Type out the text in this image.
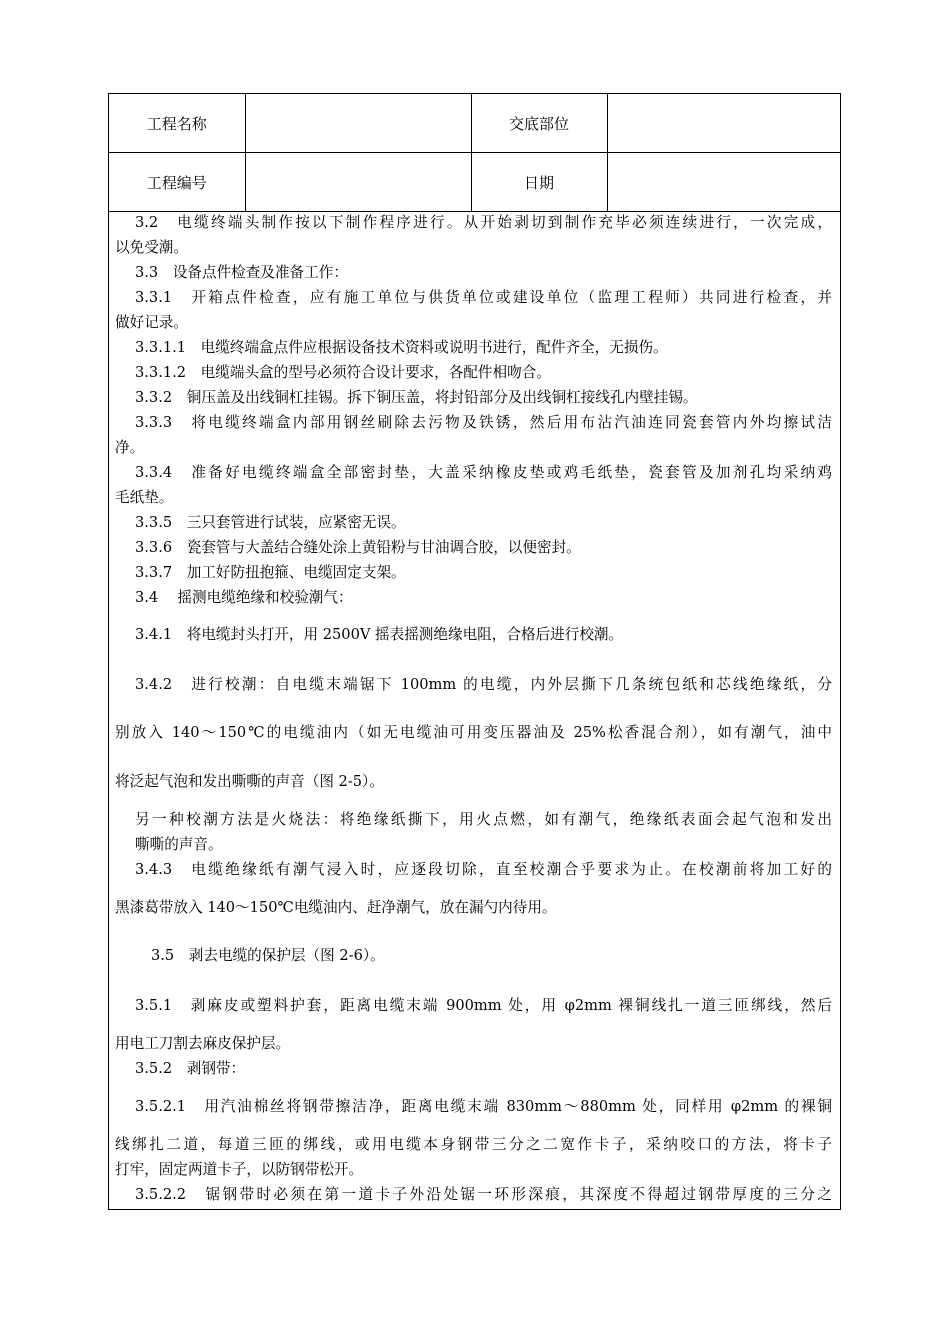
工程名称		交底部位	
工程编号		日期	
3.2　电缆终端头制作按以下制作程序进行。从开始剥切到制作充毕必须连续进行，一次完成，
以免受潮。
3.3　设备点件检查及准备工作：
3.3.1　开箱点件检查，应有施工单位与供货单位或建设单位（监理工程师）共同进行检查，并
做好记录。
3.3.1.1　电缆终端盒点件应根据设备技术资料或说明书进行，配件齐全，无损伤。
3.3.1.2　电缆端头盒的型号必须符合设计要求，各配件相吻合。
3.3.2　铜压盖及出线铜杠挂锡。拆下铜压盖，将封铅部分及出线铜杠接线孔内壁挂锡。
3.3.3　将电缆终端盒内部用钢丝刷除去污物及铁锈，然后用布沾汽油连同瓷套管内外均擦试洁
净。
3.3.4　准备好电缆终端盒全部密封垫，大盖采纳橡皮垫或鸡毛纸垫，瓷套管及加剂孔均采纳鸡
毛纸垫。
3.3.5　三只套管进行试装，应紧密无误。
3.3.6　瓷套管与大盖结合缝处涂上黄铅粉与甘油调合胶，以便密封。
3.3.7　加工好防扭抱箍、电缆固定支架。
3.4　 摇测电缆绝缘和校验潮气：
3.4.1　将电缆封头打开，用 2500V 摇表摇测绝缘电阻，合格后进行校潮。
3.4.2　进行校潮：自电缆末端锯下 100mm 的电缆，内外层撕下几条统包纸和芯线绝缘纸，分
别放入 140～150℃的电缆油内（如无电缆油可用变压器油及 25%松香混合剂），如有潮气，油中
将泛起气泡和发出嘶嘶的声音（图 2-5）。
另一种校潮方法是火烧法：将绝缘纸撕下，用火点燃，如有潮气，绝缘纸表面会起气泡和发出
嘶嘶的声音。
3.4.3　电缆绝缘纸有潮气浸入时，应逐段切除，直至校潮合乎要求为止。在校潮前将加工好的
黑漆葛带放入 140～150℃电缆油内、赶净潮气，放在漏勺内待用。
3.5　剥去电缆的保护层（图 2-6）。
3.5.1　剥麻皮或塑料护套，距离电缆末端 900mm 处，用 φ2mm 裸铜线扎一道三匝绑线，然后
用电工刀割去麻皮保护层。
3.5.2　剥钢带：
3.5.2.1　用汽油棉丝将钢带擦洁净，距离电缆末端 830mm～880mm 处，同样用 φ2mm 的裸铜
线绑扎二道，每道三匝的绑线，或用电缆本身钢带三分之二宽作卡子，采纳咬口的方法，将卡子
打牢，固定两道卡子，以防钢带松开。
3.5.2.2　锯钢带时必须在第一道卡子外沿处锯一环形深痕，其深度不得超过钢带厚度的三分之
